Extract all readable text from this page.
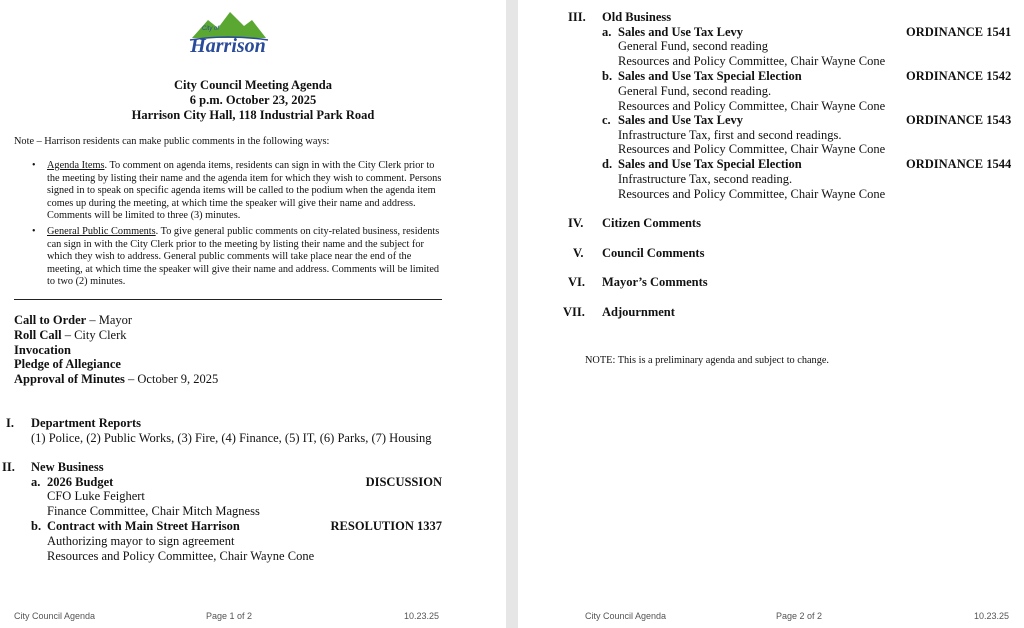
City of
Harrison
City Council Meeting Agenda
6 p.m. October 23, 2025
Harrison City Hall, 118 Industrial Park Road
Note – Harrison residents can make public comments in the following ways:
• Agenda Items. To comment on agenda items, residents can sign in with the City Clerk prior to the meeting by listing their name and the agenda item for which they wish to comment. Persons signed in to speak on specific agenda items will be called to the podium when the agenda item comes up during the meeting, at which time the speaker will give their name and address. Comments will be limited to three (3) minutes.
• General Public Comments. To give general public comments on city-related business, residents can sign in with the City Clerk prior to the meeting by listing their name and the subject for which they wish to address. General public comments will take place near the end of the meeting, at which time the speaker will give their name and address. Comments will be limited to two (2) minutes.
Call to Order – Mayor
Roll Call – City Clerk
Invocation
Pledge of Allegiance
Approval of Minutes – October 9, 2025
I. Department Reports
(1) Police, (2) Public Works, (3) Fire, (4) Finance, (5) IT, (6) Parks, (7) Housing
II. New Business
a. 2026 Budget	DISCUSSION
CFO Luke Feighert
Finance Committee, Chair Mitch Magness
b. Contract with Main Street Harrison	RESOLUTION 1337
Authorizing mayor to sign agreement
Resources and Policy Committee, Chair Wayne Cone
City Council Agenda	Page 1 of 2	10.23.25
III. Old Business
a. Sales and Use Tax Levy	ORDINANCE 1541
General Fund, second reading
Resources and Policy Committee, Chair Wayne Cone
b. Sales and Use Tax Special Election	ORDINANCE 1542
General Fund, second reading.
Resources and Policy Committee, Chair Wayne Cone
c. Sales and Use Tax Levy	ORDINANCE 1543
Infrastructure Tax, first and second readings.
Resources and Policy Committee, Chair Wayne Cone
d. Sales and Use Tax Special Election	ORDINANCE 1544
Infrastructure Tax, second reading.
Resources and Policy Committee, Chair Wayne Cone
IV. Citizen Comments
V. Council Comments
VI. Mayor’s Comments
VII. Adjournment
NOTE: This is a preliminary agenda and subject to change.
City Council Agenda	Page 2 of 2	10.23.25
